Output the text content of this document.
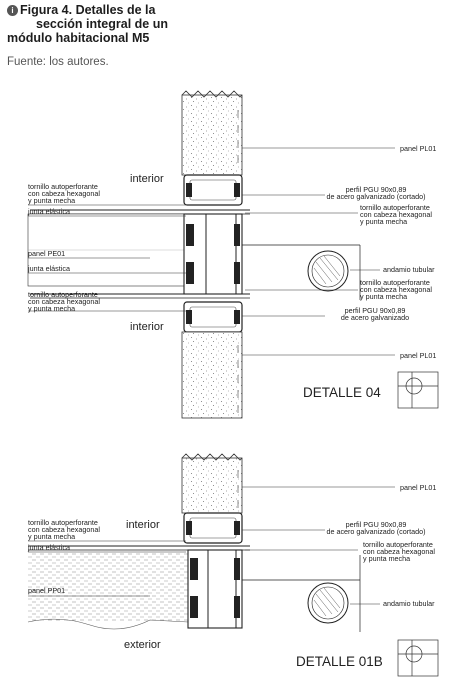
i Figura 4. Detalles de la
sección integral de un
módulo habitacional M5
Fuente: los autores.
interior
tornillo autoperforante
con cabeza hexagonal
y punta mecha
junta elástica
panel PE01
junta elástica
tornillo autoperforante
con cabeza hexagonal
y punta mecha
interior
panel PL01
perfil PGU 90x0,89
de acero galvanizado (cortado)
tornillo autoperforante
con cabeza hexagonal
y punta mecha
andamio tubular
tornillo autoperforante
con cabeza hexagonal
y punta mecha
perfil PGU 90x0,89
de acero galvanizado
panel PL01
DETALLE 04
panel PL01
tornillo autoperforante
con cabeza hexagonal
y punta mecha
interior
junta elástica
perfil PGU 90x0,89
de acero galvanizado (cortado)
tornillo autoperforante
con cabeza hexagonal
y punta mecha
panel PP01
andamio tubular
exterior
DETALLE 01B
